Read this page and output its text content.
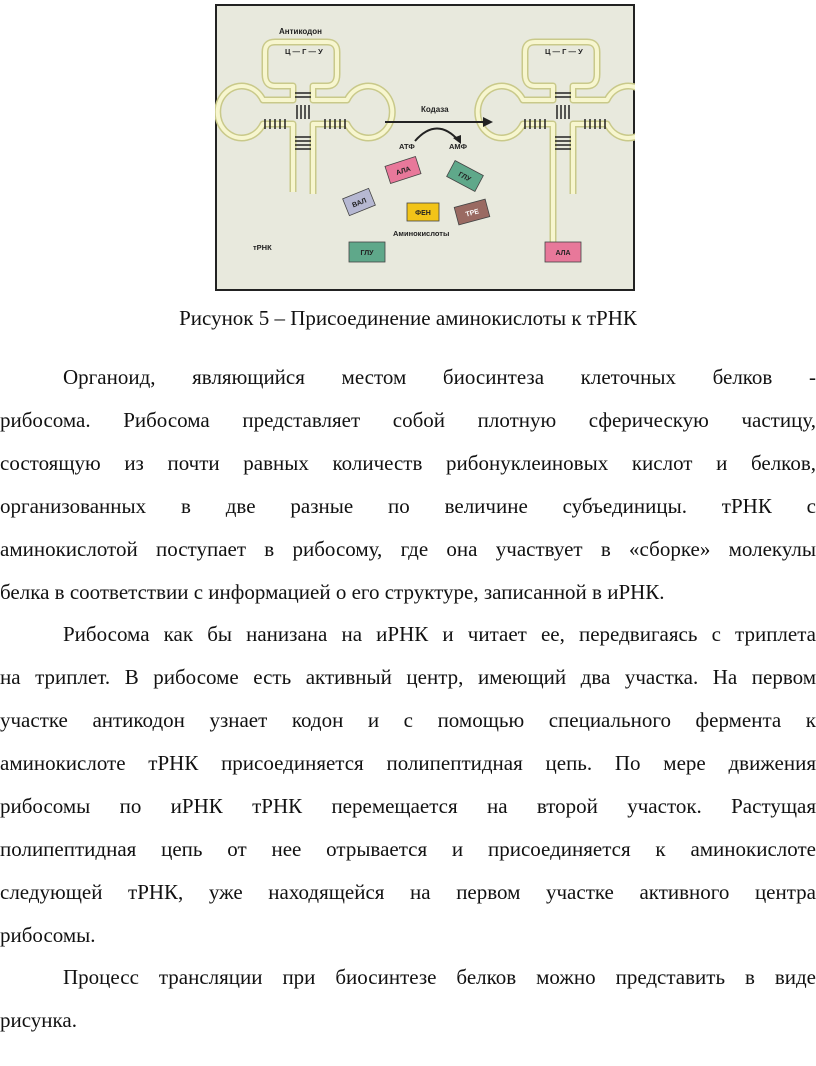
Антикодон
Ц — Г — У	Ц — Г — У
Кодаза
АТФ	АМФ
Аминокислоты
тРНК
АЛА	ГЛУ
ВАЛ
ФЕН	ТРЕ
ГЛУ	АЛА
Рисунок 5 – Присоединение аминокислоты к тРНК
Органоид, являющийся местом биосинтеза клеточных белков -
рибосома. Рибосома представляет собой плотную сферическую частицу,
состоящую из почти равных количеств рибонуклеиновых кислот и белков,
организованных в две разные по величине субъединицы. тРНК с
аминокислотой поступает в рибосому, где она участвует в «сборке» молекулы
белка в соответствии с информацией о его структуре, записанной в иРНК.
Рибосома как бы нанизана на иРНК и читает ее, передвигаясь с триплета
на триплет. В рибосоме есть активный центр, имеющий два участка. На первом
участке антикодон узнает кодон и с помощью специального фермента к
аминокислоте тРНК присоединяется полипептидная цепь. По мере движения
рибосомы по иРНК тРНК перемещается на второй участок. Растущая
полипептидная цепь от нее отрывается и присоединяется к аминокислоте
следующей тРНК, уже находящейся на первом участке активного центра
рибосомы.
Процесс трансляции при биосинтезе белков можно представить в виде
рисунка.
